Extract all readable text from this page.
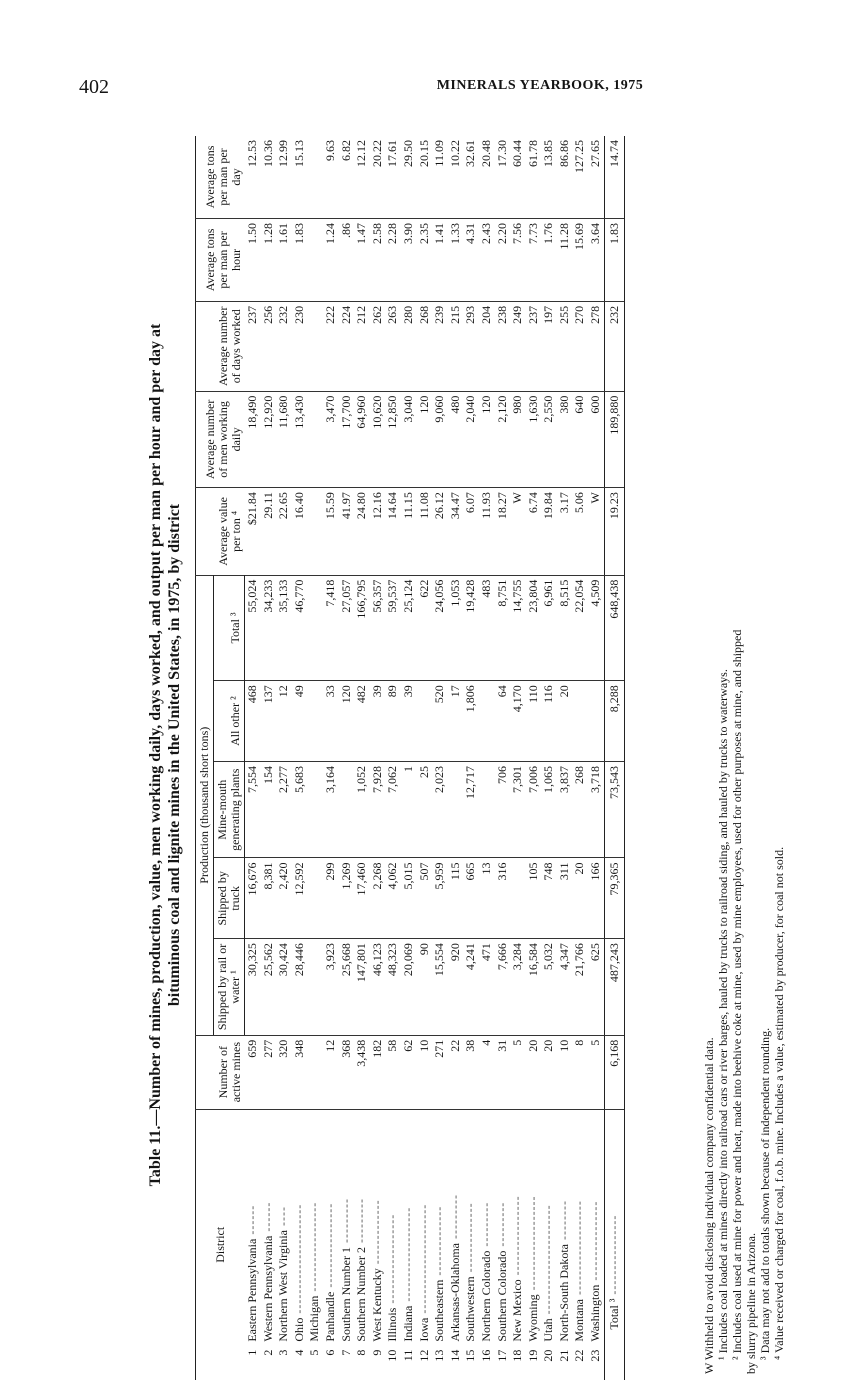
402	MINERALS YEARBOOK, 1975
Table 11.—Number of mines, production, value, men working daily, days worked, and output per man per hour and per day at bituminous coal and lignite mines in the United States, in 1975, by district
District		Number of active mines	Production (thousand short tons)					Average value per ton ⁴	Average number of men working daily	Average number of days worked	Average tons per man per hour	Average tons per man per day
			Shipped by rail or water ¹	Shipped by truck	Mine-mouth generating plants	All other ²	Total ³					
1	Eastern Pennsylvania ------	659	30,325	16,676	7,554	468	55,024	$21.84	18,490	237	1.50	12.53
2	Western Pennsylvania ------	277	25,562	8,381	154	137	34,233	29.11	12,920	256	1.28	10.36
3	Northern West Virginia ----	320	30,424	2,420	2,277	12	35,133	22.65	11,680	232	1.61	12.99
4	Ohio ----------------------	348	28,446	12,592	5,683	49	46,770	16.40	13,430	230	1.83	15.13
5	Michigan ------------------											
6	Panhandle -----------------	12	3,923	299	3,164	33	7,418	15.59	3,470	222	1.24	9.63
7	Southern Number 1 ---------	368	25,668	1,269		120	27,057	41.97	17,700	224	.86	6.82
8	Southern Number 2 ---------	3,438	147,801	17,460	1,052	482	166,795	24.80	64,960	212	1.47	12.12
9	West Kentucky -------------	182	46,123	2,268	7,928	39	56,357	12.16	10,620	262	2.58	20.22
10	Illinois ------------------	58	48,323	4,062	7,062	89	59,537	14.64	12,850	263	2.28	17.61
11	Indiana -------------------	62	20,069	5,015	1	39	25,124	11.15	3,040	280	3.90	29.50
12	Iowa ----------------------	10	90	507	25		622	11.08	120	268	2.35	20.15
13	Southeastern --------------	271	15,554	5,959	2,023	520	24,056	26.12	9,060	239	1.41	11.09
14	Arkansas-Oklahoma ---------	22	920	115		17	1,053	34.47	480	215	1.33	10.22
15	Southwestern --------------	38	4,241	665	12,717	1,806	19,428	6.07	2,040	293	4.31	32.61
16	Northern Colorado ---------	4	471	13			483	11.93	120	204	2.43	20.48
17	Southern Colorado ---------	31	7,666	316	706	64	8,751	18.27	2,120	238	2.20	17.30
18	New Mexico ----------------	5	3,284		7,301	4,170	14,755	W	980	249	7.56	60.44
19	Wyoming -------------------	20	16,584	105	7,006	110	23,804	6.74	1,630	237	7.73	61.78
20	Utah ----------------------	20	5,032	748	1,065	116	6,961	19.84	2,550	197	1.76	13.85
21	North-South Dakota --------	10	4,347	311	3,837	20	8,515	3.17	380	255	11.28	86.86
22	Montana -------------------	8	21,766	20	268		22,054	5.06	640	270	15.69	127.25
23	Washington ----------------	5	625	166	3,718		4,509	W	600	278	3.64	27.65
	Total ³ ----------------	6,168	487,243	79,365	73,543	8,288	648,438	19.23	189,880	232	1.83	14.74
W Withheld to avoid disclosing individual company confidential data. ¹ Includes coal loaded at mines directly into railroad cars or river barges, hauled by trucks to railroad siding, and hauled by trucks to waterways. ² Includes coal used at mine for power and heat, made into beehive coke at mine, used by mine employees, used for other purposes at mine, and shipped by slurry pipeline in Arizona. ³ Data may not add to totals shown because of independent rounding. ⁴ Value received or charged for coal, f.o.b. mine. Includes a value, estimated by producer, for coal not sold.
